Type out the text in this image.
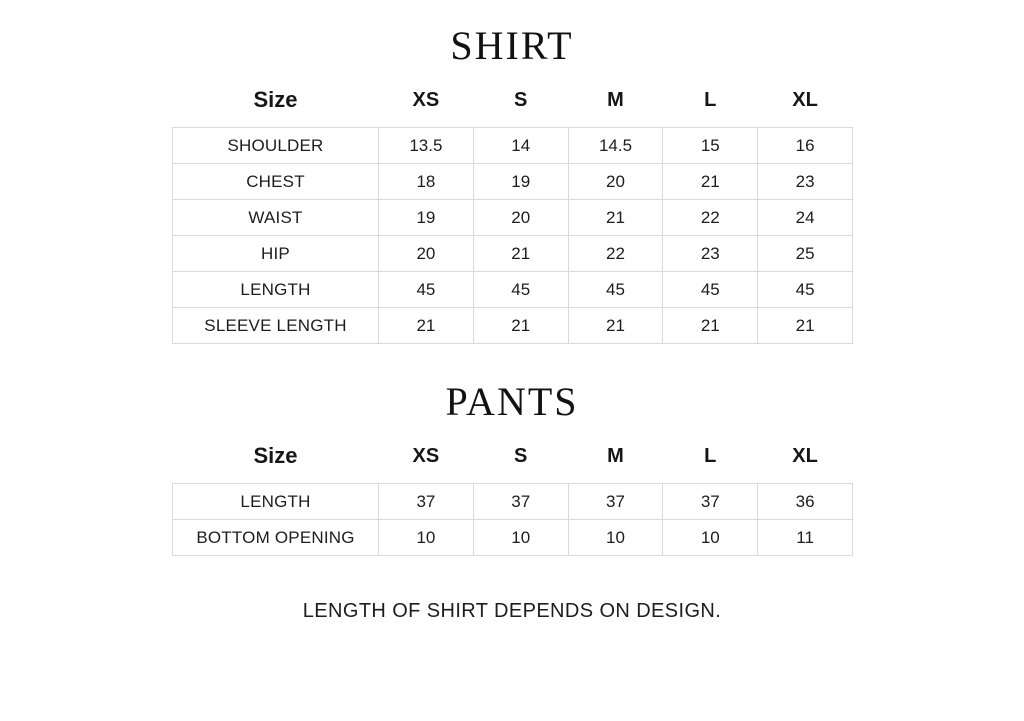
SHIRT
Size	XS	S	M	L	XL
SHOULDER	13.5	14	14.5	15	16
CHEST	18	19	20	21	23
WAIST	19	20	21	22	24
HIP	20	21	22	23	25
LENGTH	45	45	45	45	45
SLEEVE LENGTH	21	21	21	21	21
PANTS
Size	XS	S	M	L	XL
LENGTH	37	37	37	37	36
BOTTOM OPENING	10	10	10	10	11
LENGTH OF SHIRT DEPENDS ON DESIGN.
